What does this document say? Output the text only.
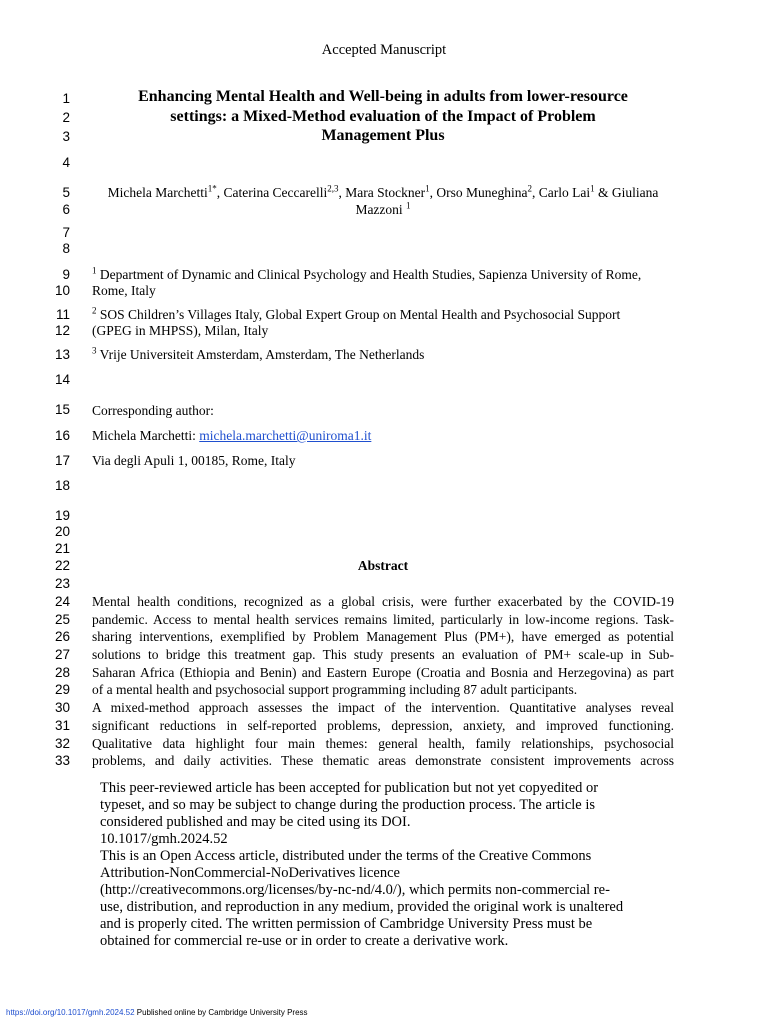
Accepted Manuscript
1
2
3
4
5
6
7
8
9
10
11
12
13
14
15
16
17
18
19
20
21
22
23
24
25
26
27
28
29
30
31
32
33
Enhancing Mental Health and Well-being in adults from lower-resource
settings: a Mixed-Method evaluation of the Impact of Problem
Management Plus
Michela Marchetti$^{1*}$, Caterina Ceccarelli$^{2,3}$, Mara Stockner$^1$, Orso Muneghina$^2$, Carlo Lai$^1$ & Giuliana
Mazzoni $^1$
$^1$ Department of Dynamic and Clinical Psychology and Health Studies, Sapienza University of Rome,
Rome, Italy
$^2$ SOS Children’s Villages Italy, Global Expert Group on Mental Health and Psychosocial Support
(GPEG in MHPSS), Milan, Italy
$^3$ Vrije Universiteit Amsterdam, Amsterdam, The Netherlands
Corresponding author:
Michela Marchetti: michela.marchetti@uniroma1.it
Via degli Apuli 1, 00185, Rome, Italy
Abstract
Mental health conditions, recognized as a global crisis, were further exacerbated by the COVID-19
pandemic. Access to mental health services remains limited, particularly in low-income regions. Task-
sharing interventions, exemplified by Problem Management Plus (PM+), have emerged as potential
solutions to bridge this treatment gap. This study presents an evaluation of PM+ scale-up in Sub-
Saharan Africa (Ethiopia and Benin) and Eastern Europe (Croatia and Bosnia and Herzegovina) as part
of a mental health and psychosocial support programming including 87 adult participants.
A mixed-method approach assesses the impact of the intervention. Quantitative analyses reveal
significant reductions in self-reported problems, depression, anxiety, and improved functioning.
Qualitative data highlight four main themes: general health, family relationships, psychosocial
problems, and daily activities. These thematic areas demonstrate consistent improvements across
This peer-reviewed article has been accepted for publication but not yet copyedited or
typeset, and so may be subject to change during the production process. The article is
considered published and may be cited using its DOI.
10.1017/gmh.2024.52
This is an Open Access article, distributed under the terms of the Creative Commons
Attribution-NonCommercial-NoDerivatives licence
(http://creativecommons.org/licenses/by-nc-nd/4.0/), which permits non-commercial re-
use, distribution, and reproduction in any medium, provided the original work is unaltered
and is properly cited. The written permission of Cambridge University Press must be
obtained for commercial re-use or in order to create a derivative work.
https://doi.org/10.1017/gmh.2024.52 Published online by Cambridge University Press
